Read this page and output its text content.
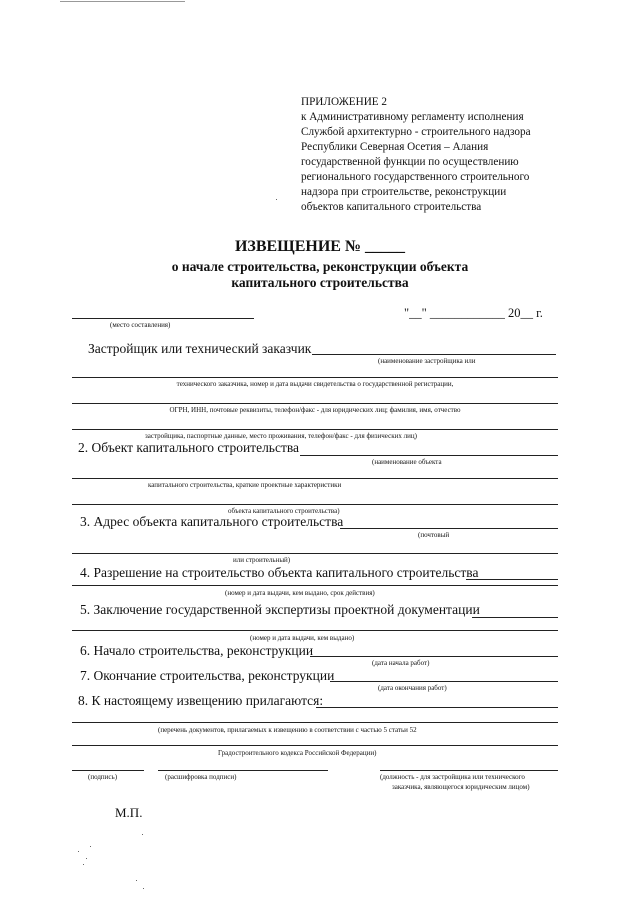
ПРИЛОЖЕНИЕ 2
к Административному регламенту исполнения
Службой архитектурно - строительного надзора
Республики Северная Осетия – Алания
государственной функции по осуществлению
регионального государственного строительного
надзора при строительстве, реконструкции
объектов капитального строительства
ИЗВЕЩЕНИЕ № _____
о начале строительства, реконструкции объекта
капитального строительства
(место составления)
"__" ____________ 20__ г.
Застройщик или технический заказчик
(наименование застройщика или
технического заказчика, номер и дата выдачи свидетельства о государственной регистрации,
ОГРН, ИНН, почтовые реквизиты, телефон/факс - для юридических лиц; фамилия, имя, отчество
застройщика, паспортные данные, место проживания, телефон/факс - для физических лиц)
2. Объект капитального строительства
(наименование объекта
капитального строительства, краткие проектные характеристики
объекта капитального строительства)
3. Адрес объекта капитального строительства
(почтовый
или строительный)
4. Разрешение на строительство объекта капитального строительства
(номер и дата выдачи, кем выдано, срок действия)
5. Заключение государственной экспертизы проектной документации
(номер и дата выдачи, кем выдано)
6. Начало строительства, реконструкции
(дата начала работ)
7. Окончание строительства, реконструкции
(дата окончания работ)
8. К настоящему извещению прилагаются:
(перечень документов, прилагаемых к извещению в соответствии с частью 5 статьи 52
Градостроительного кодекса Российской Федерации)
(подпись)	(расшифровка подписи)	(должность - для застройщика или технического
заказчика, являющегося юридическим лицом)
М.П.
